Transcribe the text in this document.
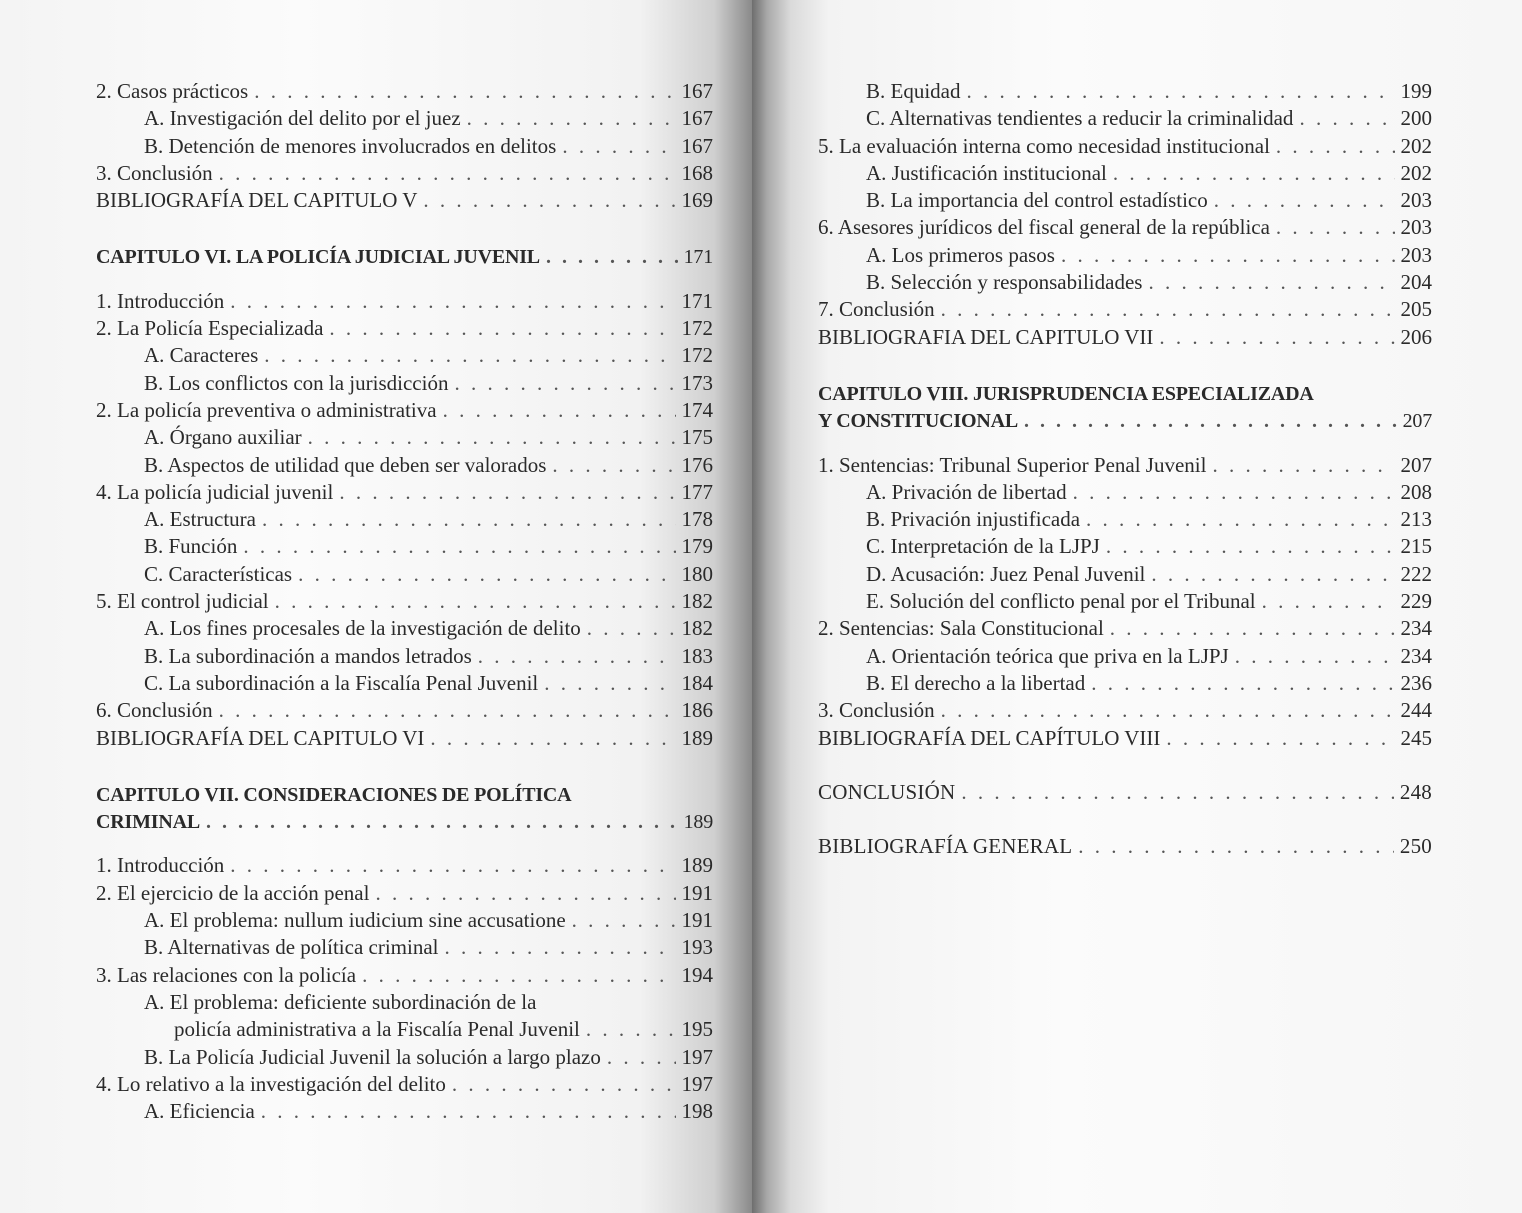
2. Casos prácticos . . .	167
A. Investigación del delito por el juez . . .	167
B. Detención de menores involucrados en delitos . . .	167
3. Conclusión . . .	168
BIBLIOGRAFÍA DEL CAPITULO V . . .	169
CAPITULO VI. LA POLICÍA JUDICIAL JUVENIL . . .	171
1. Introducción . . .	171
2. La Policía Especializada . . .	172
A. Caracteres . . .	172
B. Los conflictos con la jurisdicción . . .	173
2. La policía preventiva o administrativa . . .	174
A. Órgano auxiliar . . .	175
B. Aspectos de utilidad que deben ser valorados . . .	176
4. La policía judicial juvenil . . .	177
A. Estructura . . .	178
B. Función . . .	179
C. Características . . .	180
5. El control judicial . . .	182
A. Los fines procesales de la investigación de delito . . .	182
B. La subordinación a mandos letrados . . .	183
C. La subordinación a la Fiscalía Penal Juvenil . . .	184
6. Conclusión . . .	186
BIBLIOGRAFÍA DEL CAPITULO VI . . .	189
CAPITULO VII. CONSIDERACIONES DE POLÍTICA
CRIMINAL . . .	189
1. Introducción . . .	189
2. El ejercicio de la acción penal . . .	191
A. El problema: nullum iudicium sine accusatione . . .	191
B. Alternativas de política criminal . . .	193
3. Las relaciones con la policía . . .	194
A. El problema: deficiente subordinación de la
policía administrativa a la Fiscalía Penal Juvenil . . .	195
B. La Policía Judicial Juvenil la solución a largo plazo . . .	197
4. Lo relativo a la investigación del delito . . .	197
A. Eficiencia . . .	198
B. Equidad . . .	199
C. Alternativas tendientes a reducir la criminalidad . . .	200
5. La evaluación interna como necesidad institucional . . .	202
A. Justificación institucional . . .	202
B. La importancia del control estadístico . . .	203
6. Asesores jurídicos del fiscal general de la república . . .	203
A. Los primeros pasos . . .	203
B. Selección y responsabilidades . . .	204
7. Conclusión . . .	205
BIBLIOGRAFIA DEL CAPITULO VII . . .	206
CAPITULO VIII. JURISPRUDENCIA ESPECIALIZADA
Y CONSTITUCIONAL . . .	207
1. Sentencias: Tribunal Superior Penal Juvenil . . .	207
A. Privación de libertad . . .	208
B. Privación injustificada . . .	213
C. Interpretación de la LJPJ . . .	215
D. Acusación: Juez Penal Juvenil . . .	222
E. Solución del conflicto penal por el Tribunal . . .	229
2. Sentencias: Sala Constitucional . . .	234
A. Orientación teórica que priva en la LJPJ . . .	234
B. El derecho a la libertad . . .	236
3. Conclusión . . .	244
BIBLIOGRAFÍA DEL CAPÍTULO VIII . . .	245
CONCLUSIÓN . . .	248
BIBLIOGRAFÍA GENERAL . . .	250
